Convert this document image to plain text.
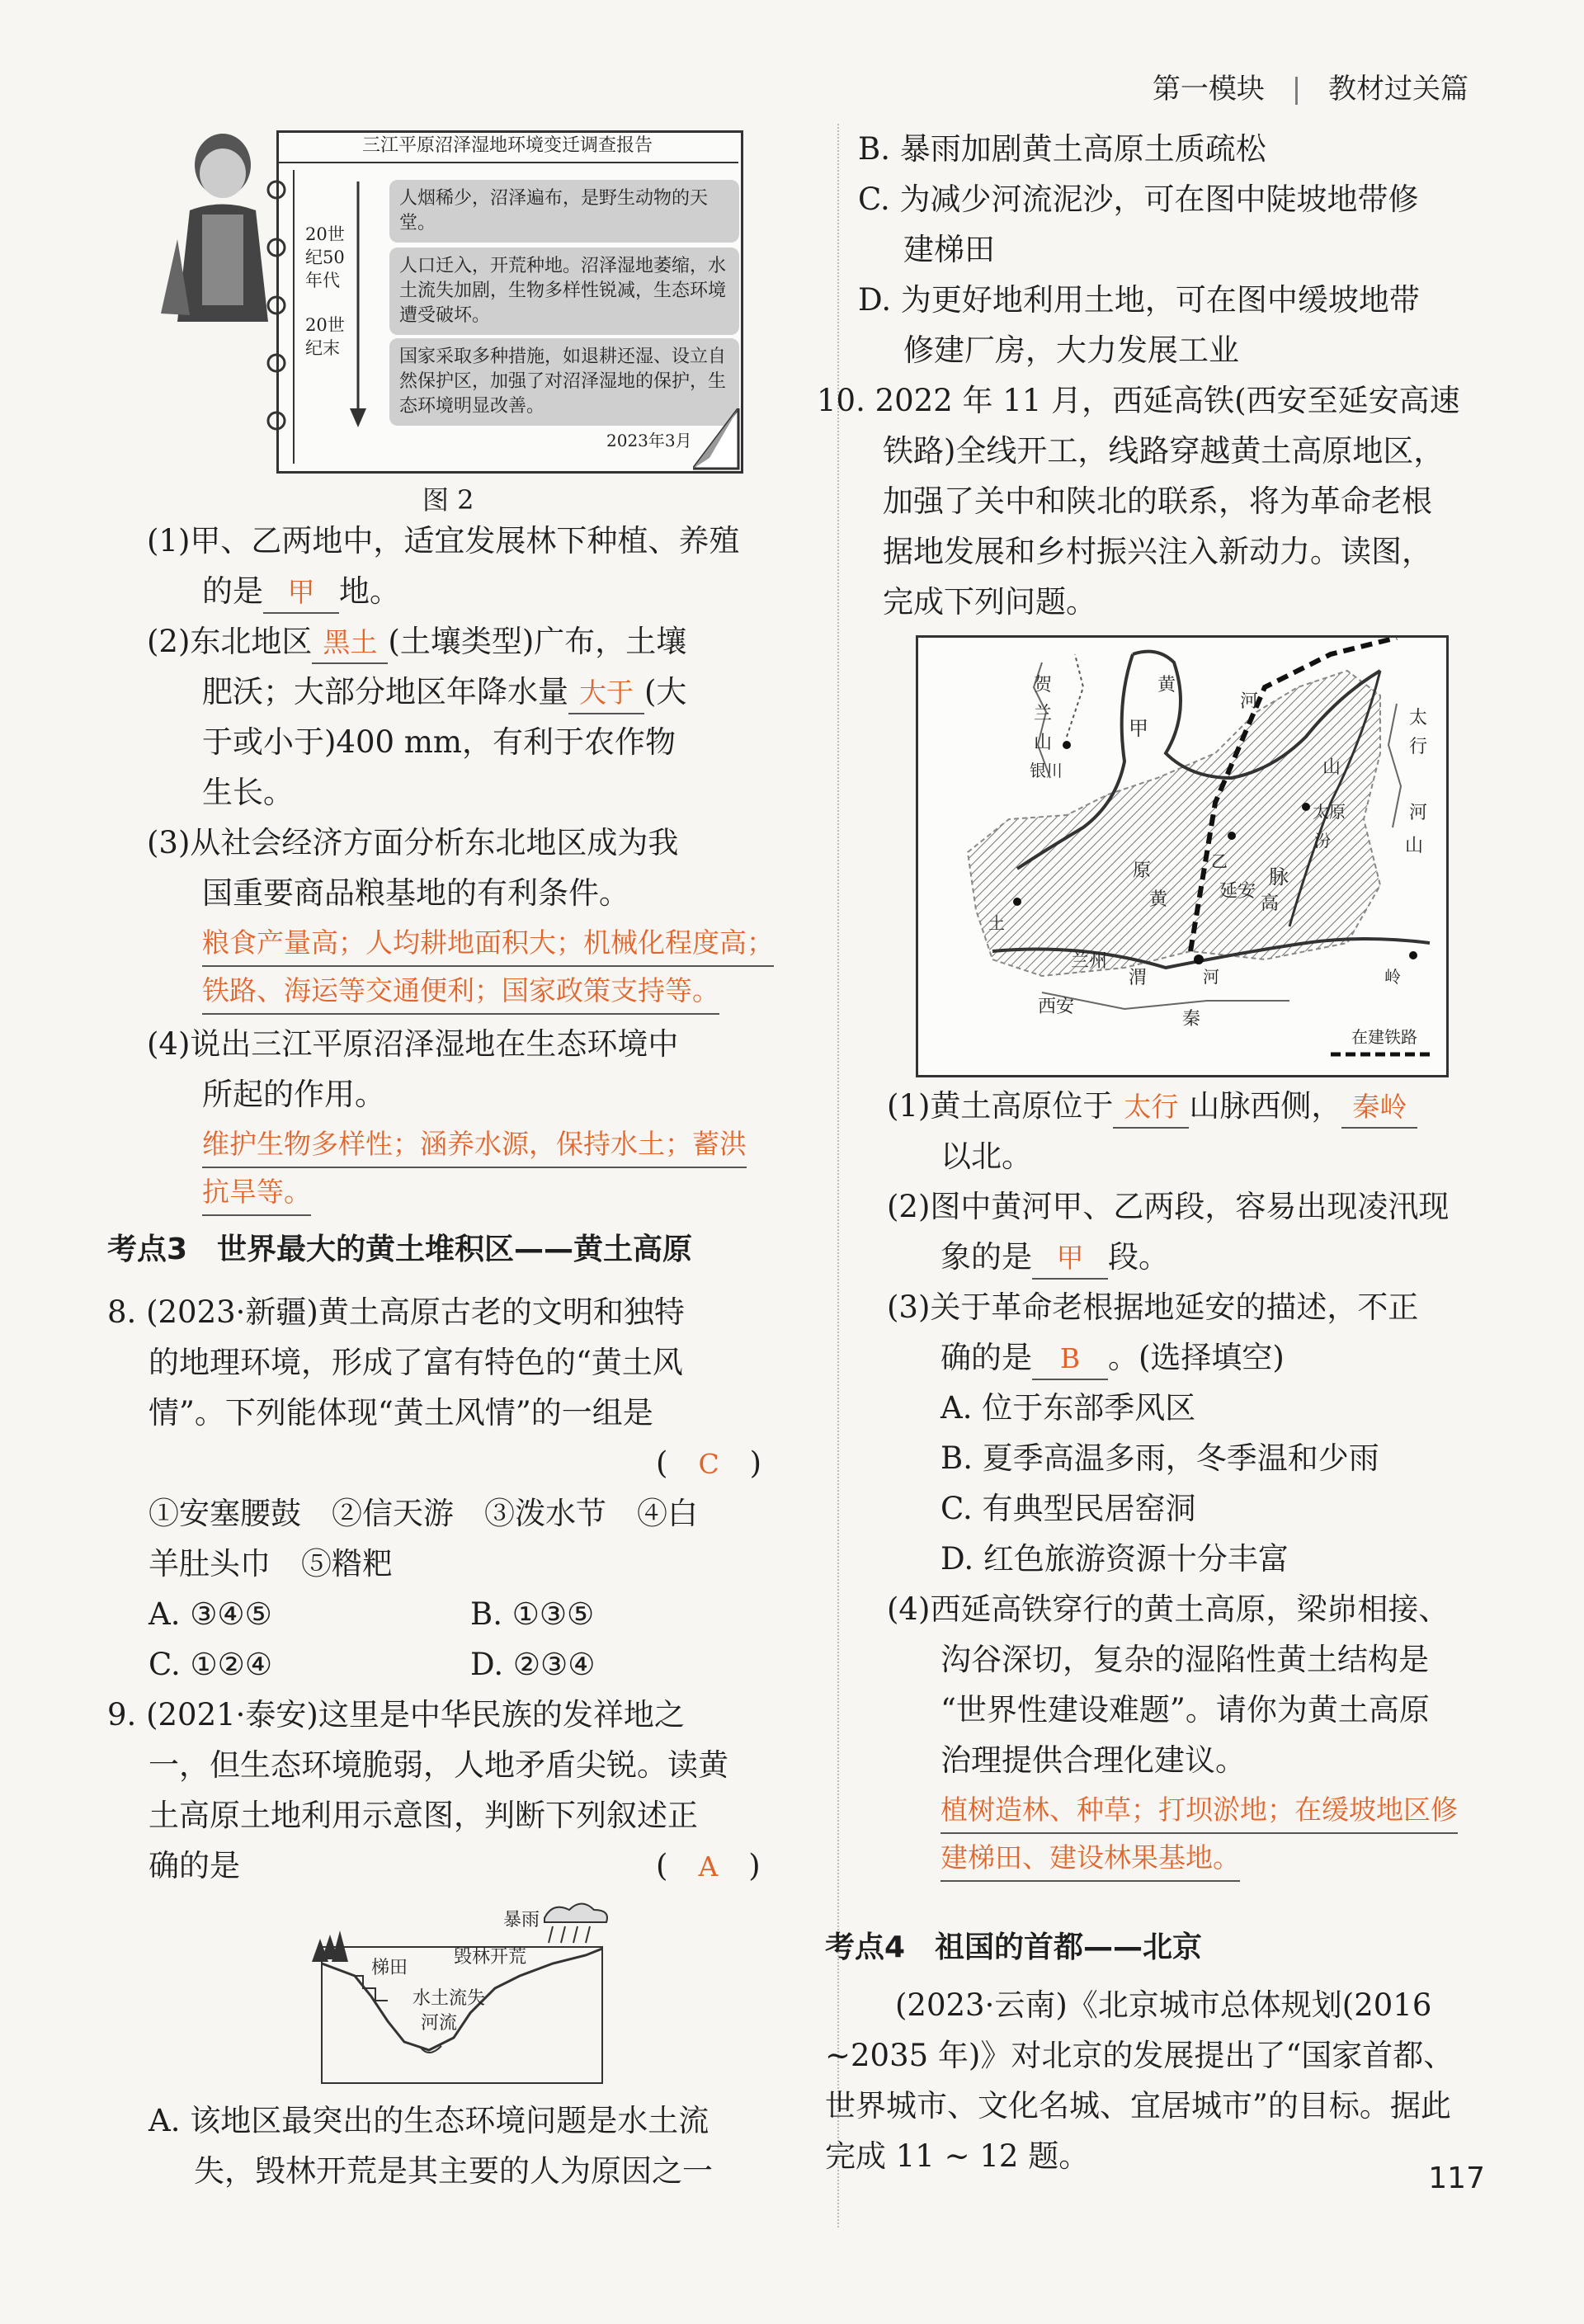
第一模块 | 教材过关篇
三江平原沼泽湿地环境变迁调查报告
20世纪50年代
20世纪末
人烟稀少，沼泽遍布，是野生动物的天堂。
人口迁入，开荒种地。沼泽湿地萎缩，水土流失加剧，生物多样性锐减，生态环境遭受破坏。
国家采取多种措施，如退耕还湿、设立自然保护区，加强了对沼泽湿地的保护，生态环境明显改善。
2023年3月
图 2
(1)甲、乙两地中，适宜发展林下种植、养殖
的是 甲 地。
(2)东北地区 黑土 (土壤类型)广布，土壤
肥沃；大部分地区年降水量 大于 (大
于或小于)400 mm，有利于农作物
生长。
(3)从社会经济方面分析东北地区成为我
国重要商品粮基地的有利条件。
粮食产量高；人均耕地面积大；机械化程度高；
铁路、海运等交通便利；国家政策支持等。
(4)说出三江平原沼泽湿地在生态环境中
所起的作用。
维护生物多样性；涵养水源，保持水土；蓄洪
抗旱等。
考点3　世界最大的黄土堆积区——黄土高原
8. (2023·新疆)黄土高原古老的文明和独特
的地理环境，形成了富有特色的“黄土风
情”。下列能体现“黄土风情”的一组是
(　C　)
①安塞腰鼓　②信天游　③泼水节　④白
羊肚头巾　⑤糌粑
A. ③④⑤	B. ①③⑤
C. ①②④	D. ②③④
9. (2021·泰安)这里是中华民族的发祥地之
一，但生态环境脆弱，人地矛盾尖锐。读黄
土高原土地利用示意图，判断下列叙述正
确的是	(　A　)
暴雨
梯田
毁林开荒
水土流失
河流
A. 该地区最突出的生态环境问题是水土流
失，毁林开荒是其主要的人为原因之一
B. 暴雨加剧黄土高原土质疏松
C. 为减少河流泥沙，可在图中陡坡地带修
建梯田
D. 为更好地利用土地，可在图中缓坡地带
修建厂房，大力发展工业
10. 2022 年 11 月，西延高铁(西安至延安高速
铁路)全线开工，线路穿越黄土高原地区，
加强了关中和陕北的联系，将为革命老根
据地发展和乡村振兴注入新动力。读图，
完成下列问题。
贺
兰
山
银川
黄
河
甲	太
行
山
太原
汾
河
山
脉
乙
延安
高
原
黄
土
兰州
渭	河
西安
秦
岭
在建铁路
(1)黄土高原位于 太行 山脉西侧， 秦岭
以北。
(2)图中黄河甲、乙两段，容易出现凌汛现
象的是 甲 段。
(3)关于革命老根据地延安的描述，不正
确的是 B 。(选择填空)
A. 位于东部季风区
B. 夏季高温多雨，冬季温和少雨
C. 有典型民居窑洞
D. 红色旅游资源十分丰富
(4)西延高铁穿行的黄土高原，梁峁相接、
沟谷深切，复杂的湿陷性黄土结构是
“世界性建设难题”。请你为黄土高原
治理提供合理化建议。
植树造林、种草；打坝淤地；在缓坡地区修
建梯田、建设林果基地。
考点4　祖国的首都——北京
(2023·云南)《北京城市总体规划(2016
~2035 年)》对北京的发展提出了“国家首都、
世界城市、文化名城、宜居城市”的目标。据此
完成 11 ~ 12 题。
117
